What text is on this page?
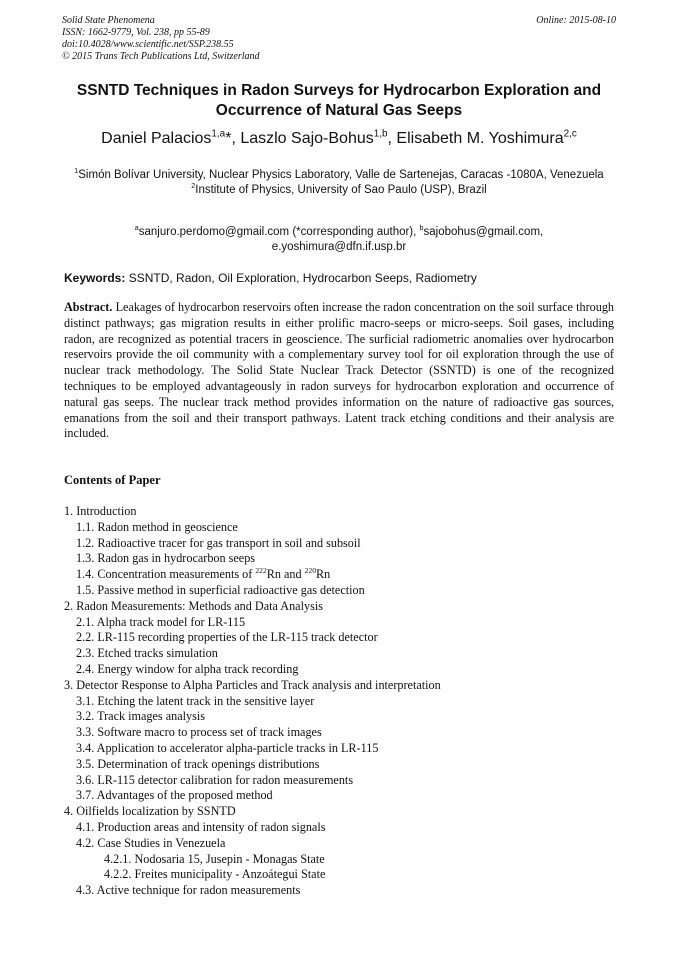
Solid State Phenomena
ISSN: 1662-9779, Vol. 238, pp 55-89
doi:10.4028/www.scientific.net/SSP.238.55
© 2015 Trans Tech Publications Ltd, Switzerland
Online: 2015-08-10
SSNTD Techniques in Radon Surveys for Hydrocarbon Exploration and Occurrence of Natural Gas Seeps
Daniel Palacios$^{1,a}$*, Laszlo Sajo-Bohus$^{1,b}$, Elisabeth M. Yoshimura$^{2,c}$

$^1$Simón Bolívar University, Nuclear Physics Laboratory, Valle de Sartenejas, Caracas -1080A, Venezuela

$^2$Institute of Physics, University of Sao Paulo (USP), Brazil

$^a$sanjuro.perdomo@gmail.com (*corresponding author), $^b$sajobohus@gmail.com,

e.yoshimura@dfn.if.usp.br

Keywords: SSNTD, Radon, Oil Exploration, Hydrocarbon Seeps, Radiometry

Abstract. Leakages of hydrocarbon reservoirs often increase the radon concentration on the soil surface through distinct pathways; gas migration results in either prolific macro-seeps or micro-seeps. Soil gases, including radon, are recognized as potential tracers in geoscience. The surficial radiometric anomalies over hydrocarbon reservoirs provide the oil community with a complementary survey tool for oil exploration through the use of nuclear track methodology. The Solid State Nuclear Track Detector (SSNTD) is one of the recognized techniques to be employed advantageously in radon surveys for hydrocarbon exploration and occurrence of natural gas seeps. The nuclear track method provides information on the nature of radioactive gas sources, emanations from the soil and their transport pathways. Latent track etching conditions and their analysis are included.

Contents of Paper
1. Introduction
1.1. Radon method in geoscience
1.2. Radioactive tracer for gas transport in soil and subsoil
1.3. Radon gas in hydrocarbon seeps
1.4. Concentration measurements of $^{222}$Rn and $^{220}$Rn
1.5. Passive method in superficial radioactive gas detection
2. Radon Measurements: Methods and Data Analysis
2.1. Alpha track model for LR-115
2.2. LR-115 recording properties of the LR-115 track detector
2.3. Etched tracks simulation
2.4. Energy window for alpha track recording
3. Detector Response to Alpha Particles and Track analysis and interpretation
3.1. Etching the latent track in the sensitive layer
3.2. Track images analysis
3.3. Software macro to process set of track images
3.4. Application to accelerator alpha-particle tracks in LR-115
3.5. Determination of track openings distributions
3.6. LR-115 detector calibration for radon measurements
3.7. Advantages of the proposed method
4. Oilfields localization by SSNTD
4.1. Production areas and intensity of radon signals
4.2. Case Studies in Venezuela
4.2.1. Nodosaria 15, Jusepin - Monagas State
4.2.2. Freites municipality - Anzoátegui State
4.3. Active technique for radon measurements
